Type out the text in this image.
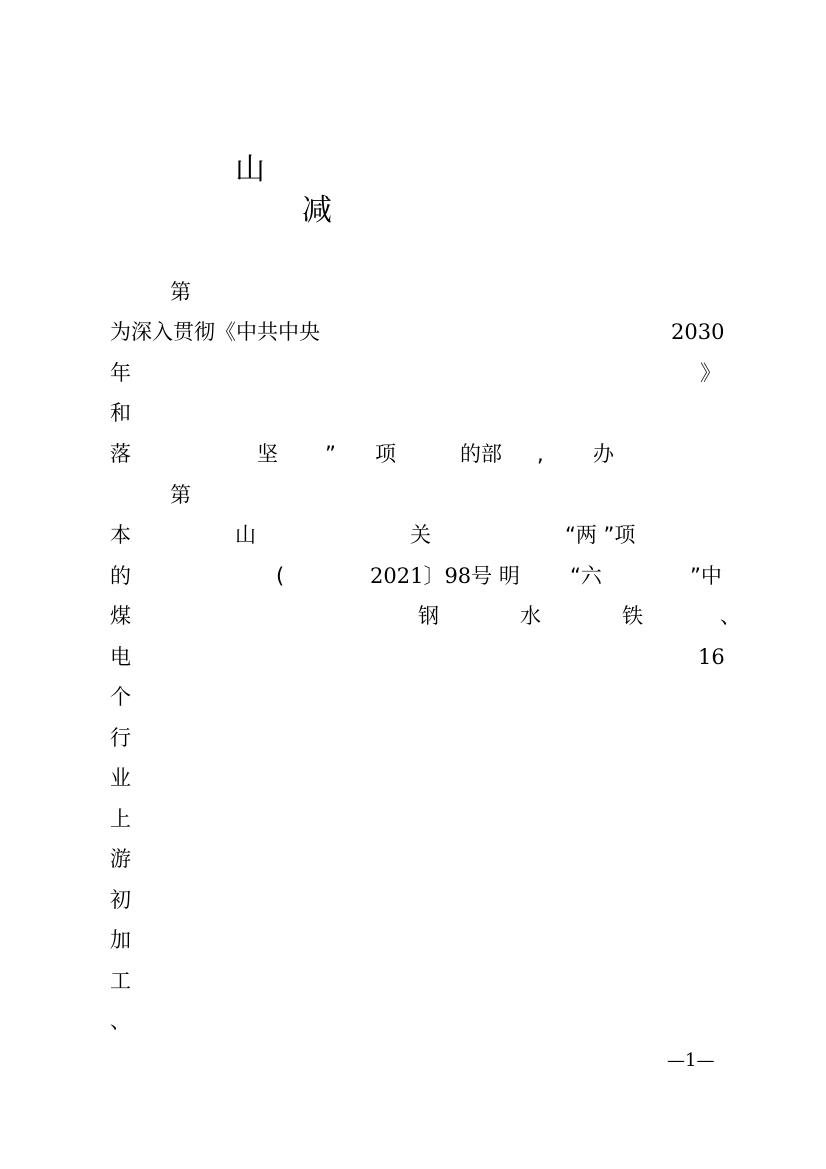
山
减
第
为深入贯彻《中共中央	2030
年	》
和
落	坚 ” 项	的部 , 办
第
本	山	关	“两 ”项
的	(	2021〕98号 明 “六	”中
煤	钢	水	铁	、
电	16
个
行
业
上
游
初
加
工
、
—1—
